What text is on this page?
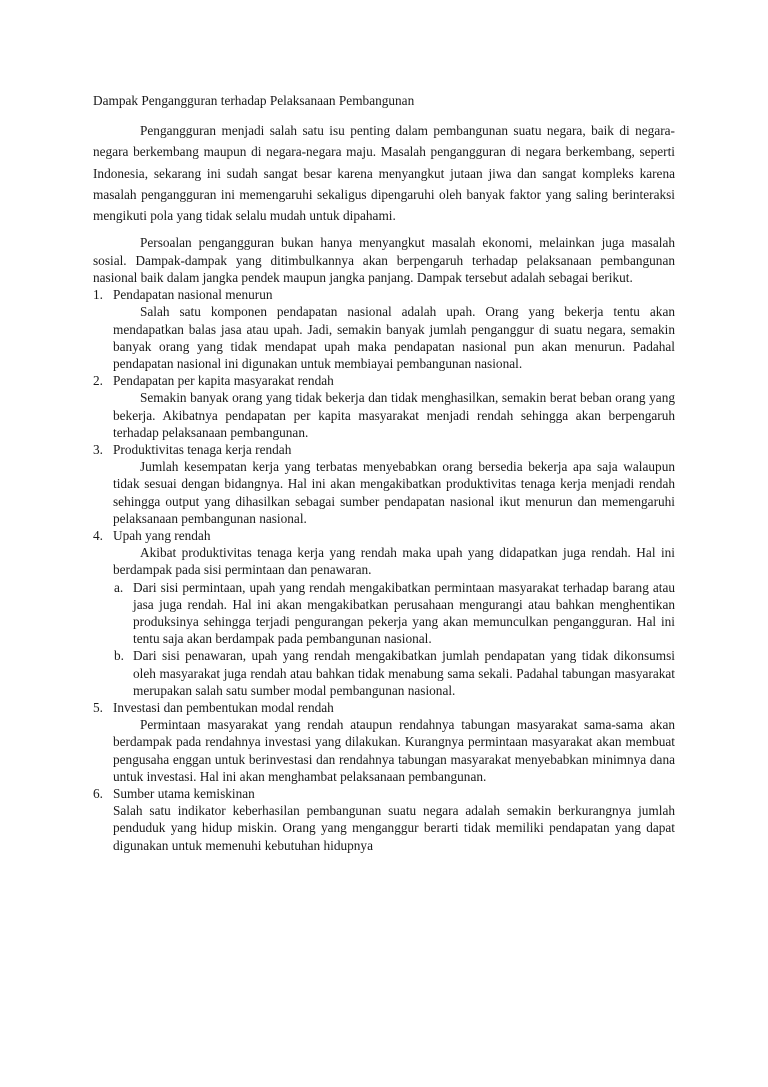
Dampak Pengangguran terhadap Pelaksanaan Pembangunan

Pengangguran menjadi salah satu isu penting dalam pembangunan suatu negara, baik di negara-negara berkembang maupun di negara-negara maju. Masalah pengangguran di negara berkembang, seperti Indonesia, sekarang ini sudah sangat besar karena menyangkut jutaan jiwa dan sangat kompleks karena masalah pengangguran ini memengaruhi sekaligus dipengaruhi oleh banyak faktor yang saling berinteraksi mengikuti pola yang tidak selalu mudah untuk dipahami.

Persoalan pengangguran bukan hanya menyangkut masalah ekonomi, melainkan juga masalah sosial. Dampak-dampak yang ditimbulkannya akan berpengaruh terhadap pelaksanaan pembangunan nasional baik dalam jangka pendek maupun jangka panjang. Dampak tersebut adalah sebagai berikut.

1. Pendapatan nasional menurun

Salah satu komponen pendapatan nasional adalah upah. Orang yang bekerja tentu akan mendapatkan balas jasa atau upah. Jadi, semakin banyak jumlah penganggur di suatu negara, semakin banyak orang yang tidak mendapat upah maka pendapatan nasional pun akan menurun. Padahal pendapatan nasional ini digunakan untuk membiayai pembangunan nasional.

2. Pendapatan per kapita masyarakat rendah

Semakin banyak orang yang tidak bekerja dan tidak menghasilkan, semakin berat beban orang yang bekerja. Akibatnya pendapatan per kapita masyarakat menjadi rendah sehingga akan berpengaruh terhadap pelaksanaan pembangunan.

3. Produktivitas tenaga kerja rendah

Jumlah kesempatan kerja yang terbatas menyebabkan orang bersedia bekerja apa saja walaupun tidak sesuai dengan bidangnya. Hal ini akan mengakibatkan produktivitas tenaga kerja menjadi rendah sehingga output yang dihasilkan sebagai sumber pendapatan nasional ikut menurun dan memengaruhi pelaksanaan pembangunan nasional.

4. Upah yang rendah

Akibat produktivitas tenaga kerja yang rendah maka upah yang didapatkan juga rendah. Hal ini berdampak pada sisi permintaan dan penawaran.

a. Dari sisi permintaan, upah yang rendah mengakibatkan permintaan masyarakat terhadap barang atau jasa juga rendah. Hal ini akan mengakibatkan perusahaan mengurangi atau bahkan menghentikan produksinya sehingga terjadi pengurangan pekerja yang akan memunculkan pengangguran. Hal ini tentu saja akan berdampak pada pembangunan nasional.

b. Dari sisi penawaran, upah yang rendah mengakibatkan jumlah pendapatan yang tidak dikonsumsi oleh masyarakat juga rendah atau bahkan tidak menabung sama sekali. Padahal tabungan masyarakat merupakan salah satu sumber modal pembangunan nasional.

5. Investasi dan pembentukan modal rendah

Permintaan masyarakat yang rendah ataupun rendahnya tabungan masyarakat sama-sama akan berdampak pada rendahnya investasi yang dilakukan. Kurangnya permintaan masyarakat akan membuat pengusaha enggan untuk berinvestasi dan rendahnya tabungan masyarakat menyebabkan minimnya dana untuk investasi. Hal ini akan menghambat pelaksanaan pembangunan.

6. Sumber utama kemiskinan

Salah satu indikator keberhasilan pembangunan suatu negara adalah semakin berkurangnya jumlah penduduk yang hidup miskin. Orang yang menganggur berarti tidak memiliki pendapatan yang dapat digunakan untuk memenuhi kebutuhan hidupnya
